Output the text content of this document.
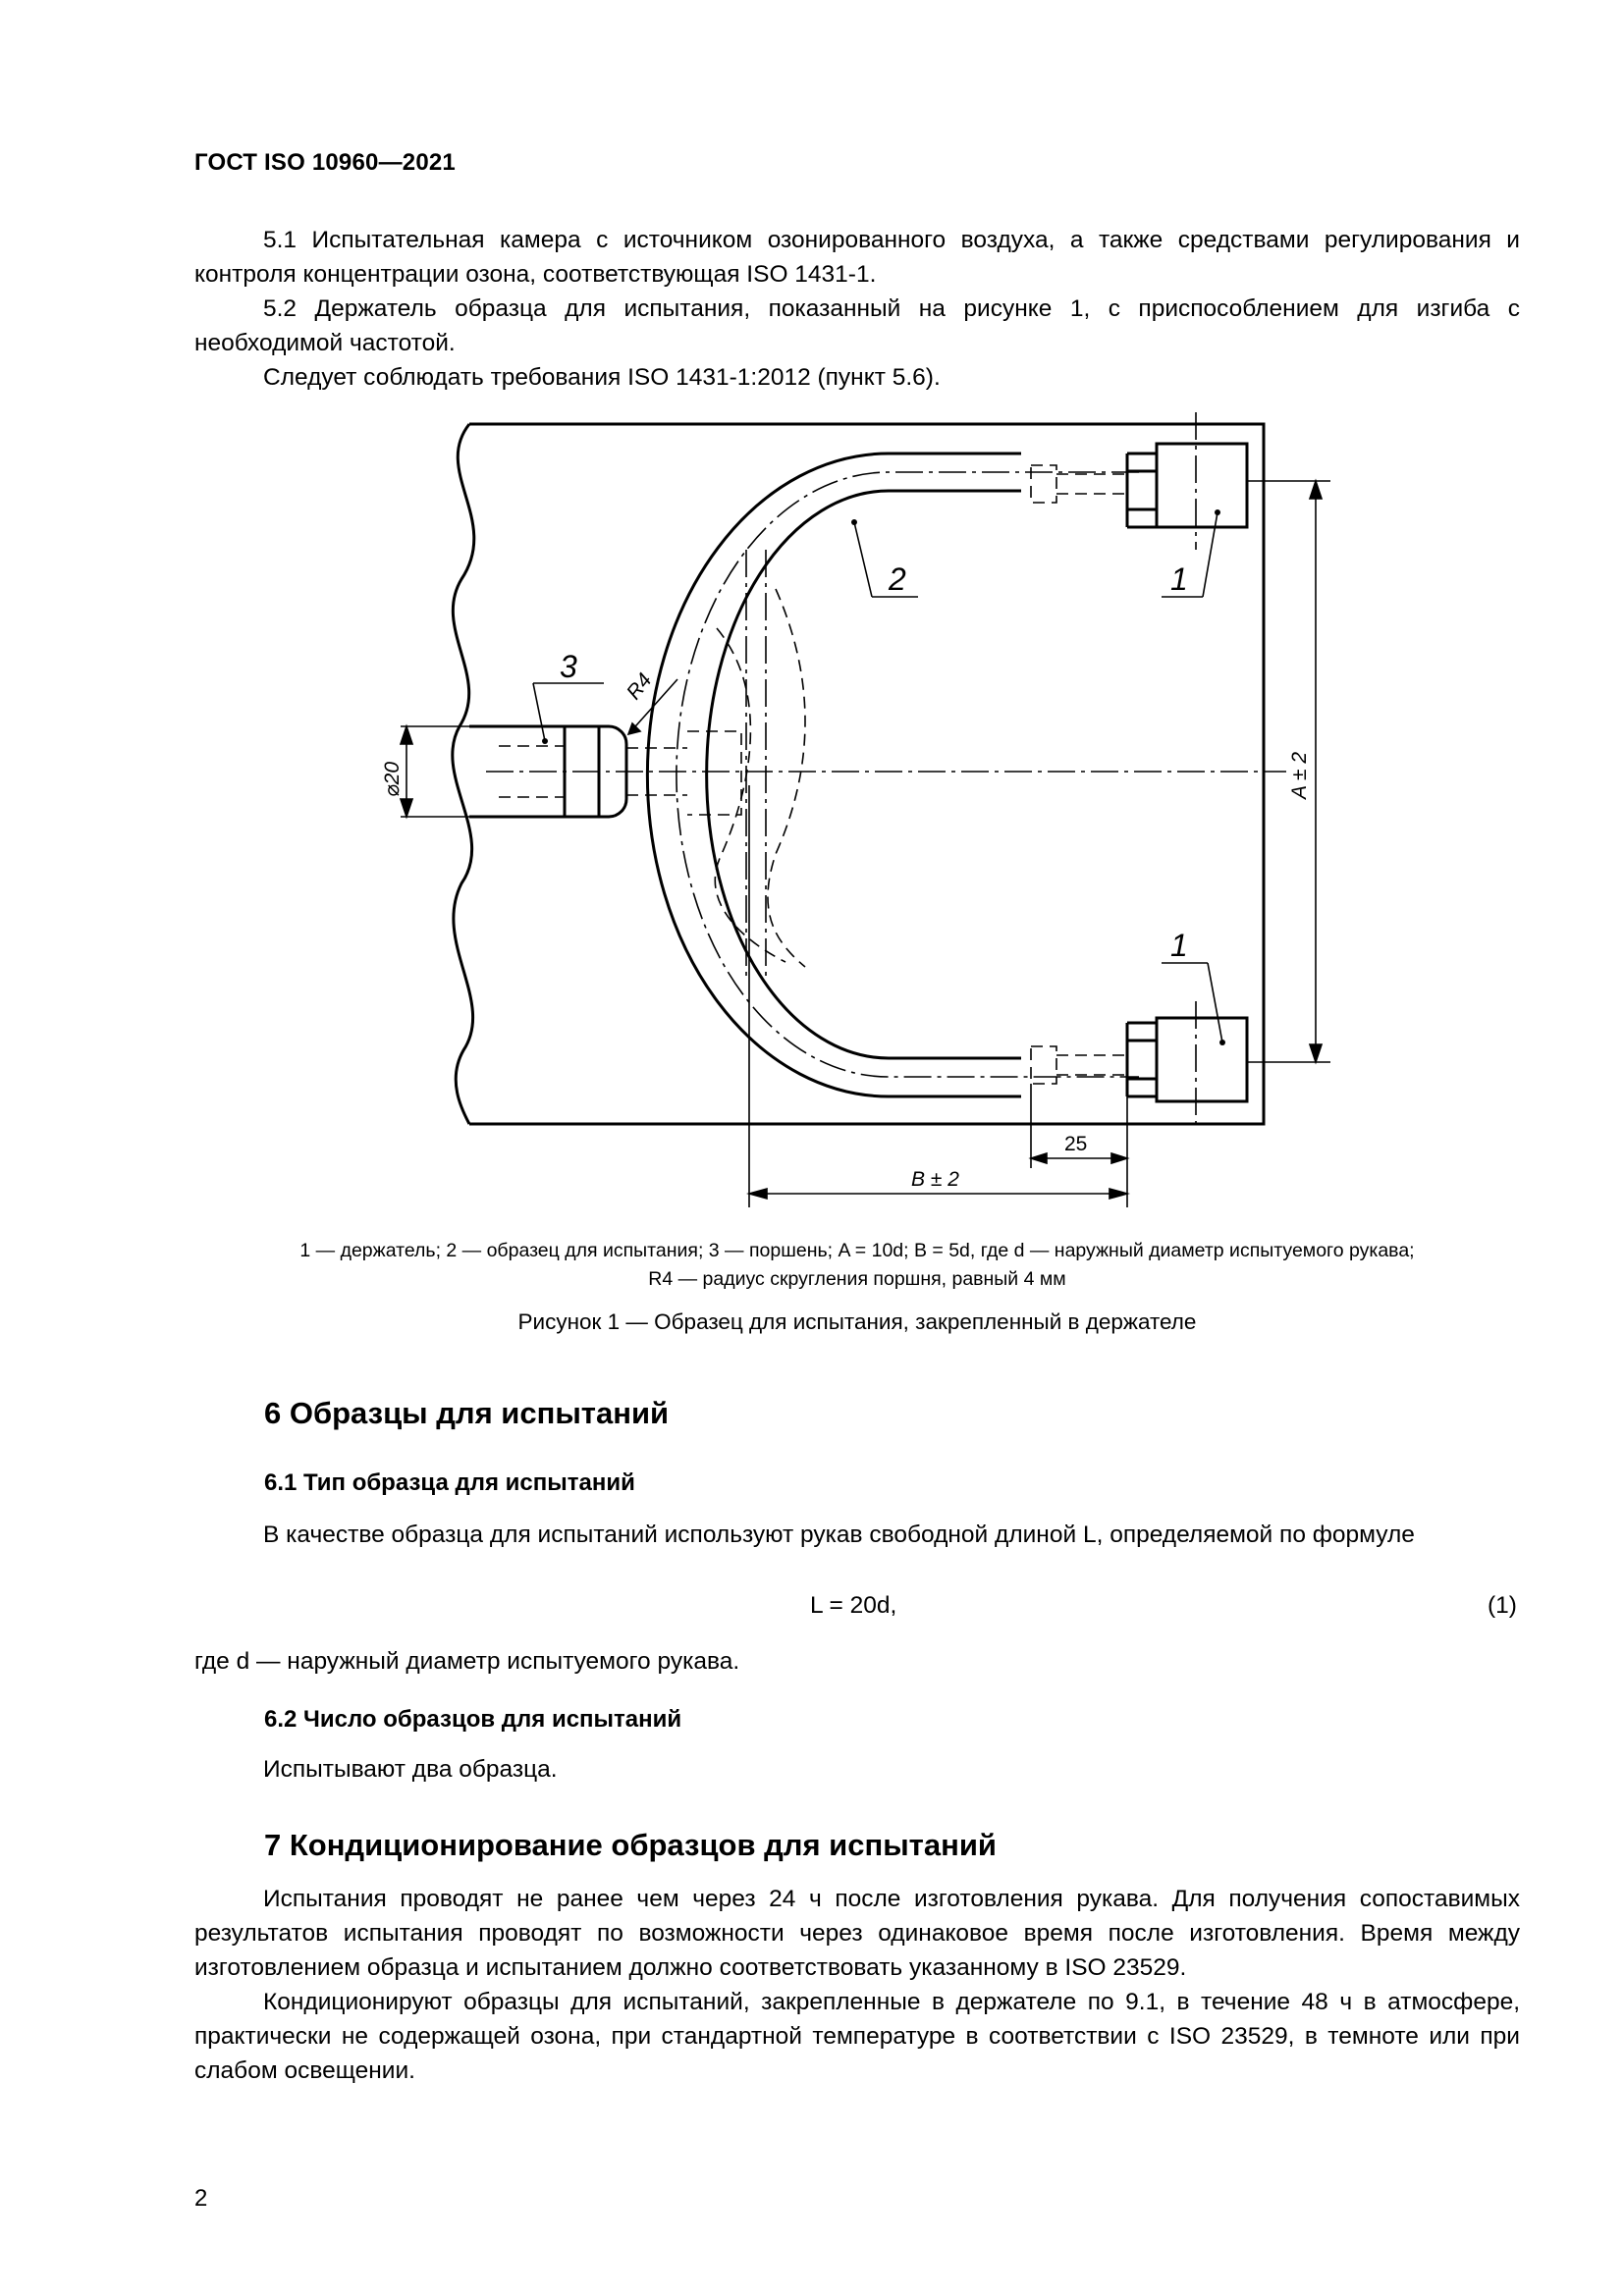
ГОСТ ISO 10960—2021

5.1 Испытательная камера с источником озонированного воздуха, а также средствами регулирования и контроля концентрации озона, соответствующая ISO 1431-1.

5.2 Держатель образца для испытания, показанный на рисунке 1, с приспособлением для изгиба с необходимой частотой.

Следует соблюдать требования ISO 1431-1:2012 (пункт 5.6).

3
2	1
1
R4
⌀20	A ± 2
25
B ± 2
1 — держатель; 2 — образец для испытания; 3 — поршень; A = 10d; B = 5d, где d — наружный диаметр испытуемого рукава;
R4 — радиус скругления поршня, равный 4 мм
Рисунок 1 — Образец для испытания, закрепленный в держателе
6 Образцы для испытаний
6.1 Тип образца для испытаний

В качестве образца для испытаний используют рукав свободной длиной L, определяемой по формуле

L = 20d,	(1)

где d — наружный диаметр испытуемого рукава.

6.2 Число образцов для испытаний

Испытывают два образца.

7 Кондиционирование образцов для испытаний

Испытания проводят не ранее чем через 24 ч после изготовления рукава. Для получения сопоставимых результатов испытания проводят по возможности через одинаковое время после изготовления. Время между изготовлением образца и испытанием должно соответствовать указанному в ISO 23529.

Кондиционируют образцы для испытаний, закрепленные в держателе по 9.1, в течение 48 ч в атмосфере, практически не содержащей озона, при стандартной температуре в соответствии с ISO 23529, в темноте или при слабом освещении.

2
